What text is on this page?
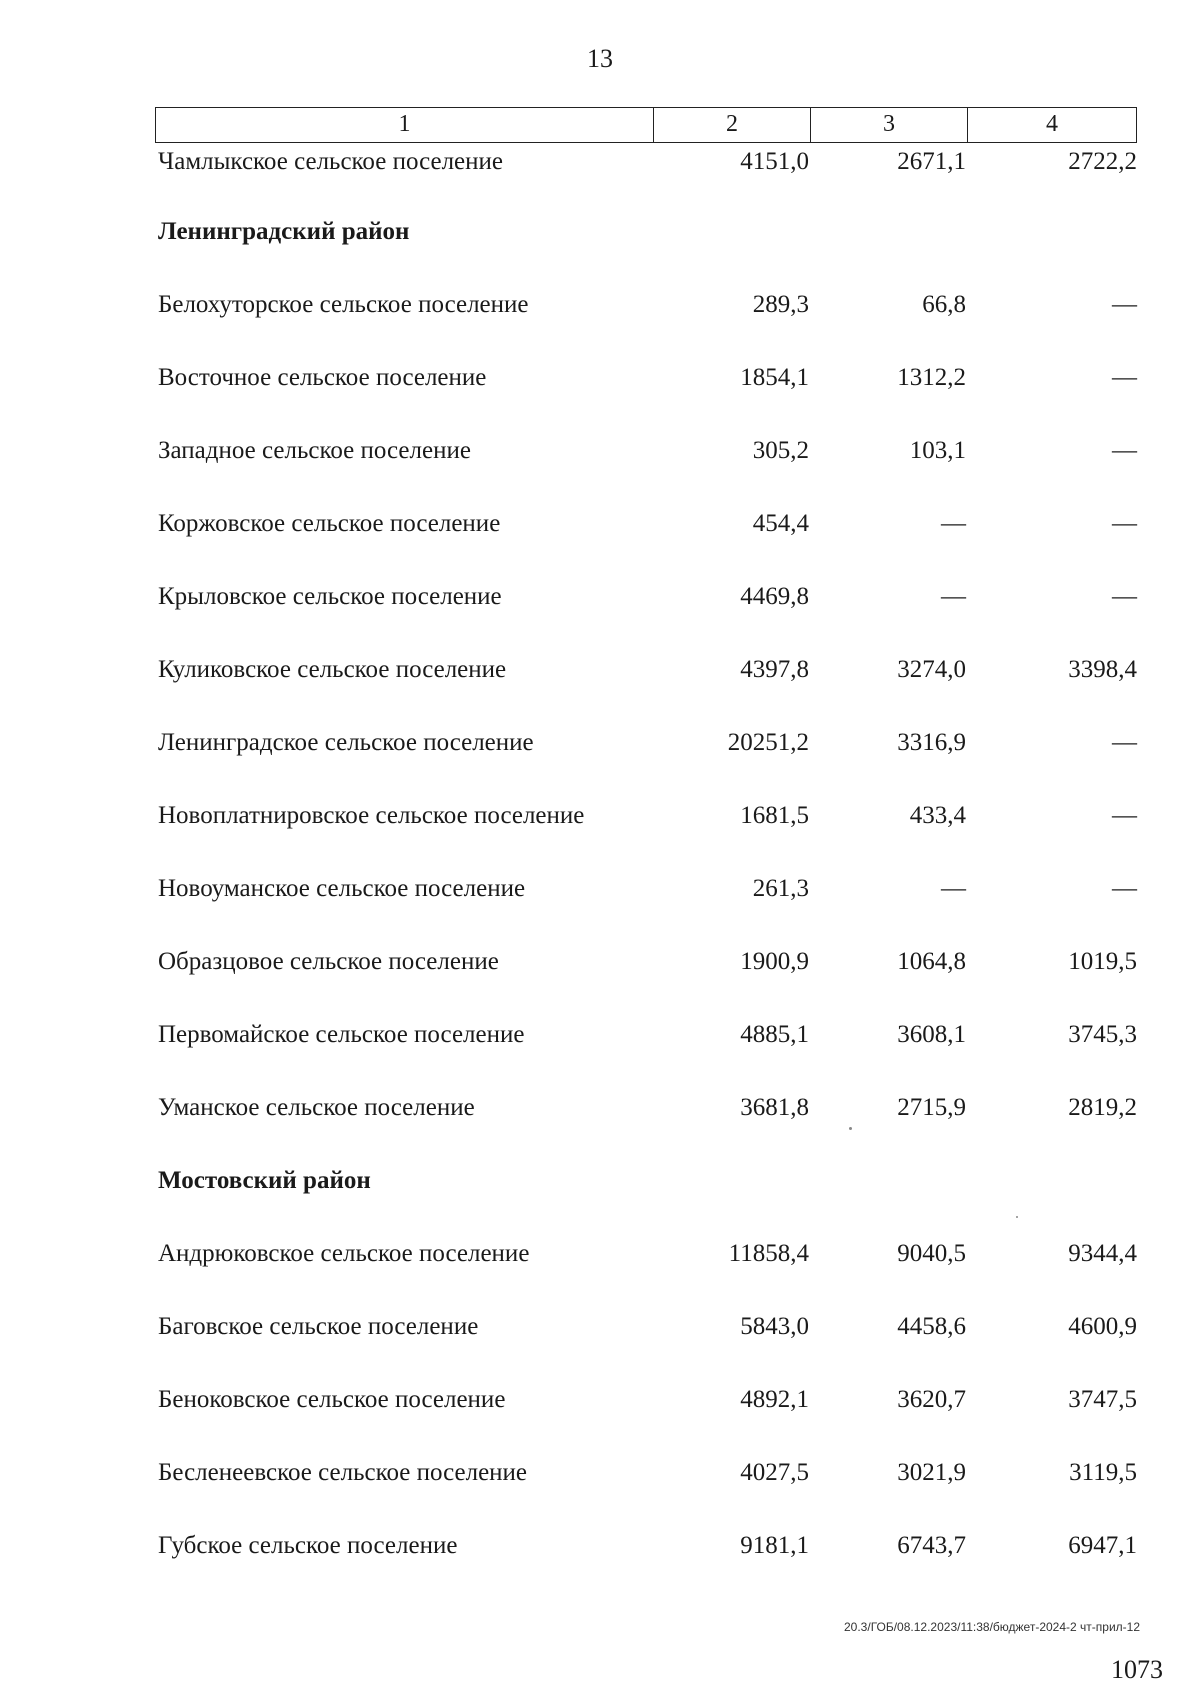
13
1	2	3	4
Чамлыкское сельское поселение	4151,0	2671,1	2722,2
Ленинградский район
Белохуторское сельское поселение	289,3	66,8	—
Восточное сельское поселение	1854,1	1312,2	—
Западное сельское поселение	305,2	103,1	—
Коржовское сельское поселение	454,4	—	—
Крыловское сельское поселение	4469,8	—	—
Куликовское сельское поселение	4397,8	3274,0	3398,4
Ленинградское сельское поселение	20251,2	3316,9	—
Новоплатнировское сельское поселение	1681,5	433,4	—
Новоуманское сельское поселение	261,3	—	—
Образцовое сельское поселение	1900,9	1064,8	1019,5
Первомайское сельское поселение	4885,1	3608,1	3745,3
Уманское сельское поселение	3681,8	2715,9	2819,2
Мостовский район
Андрюковское сельское поселение	11858,4	9040,5	9344,4
Баговское сельское поселение	5843,0	4458,6	4600,9
Беноковское сельское поселение	4892,1	3620,7	3747,5
Бесленеевское сельское поселение	4027,5	3021,9	3119,5
Губское сельское поселение	9181,1	6743,7	6947,1
20.3/ГОБ/08.12.2023/11:38/бюджет-2024-2 чт-прил-12
1073
